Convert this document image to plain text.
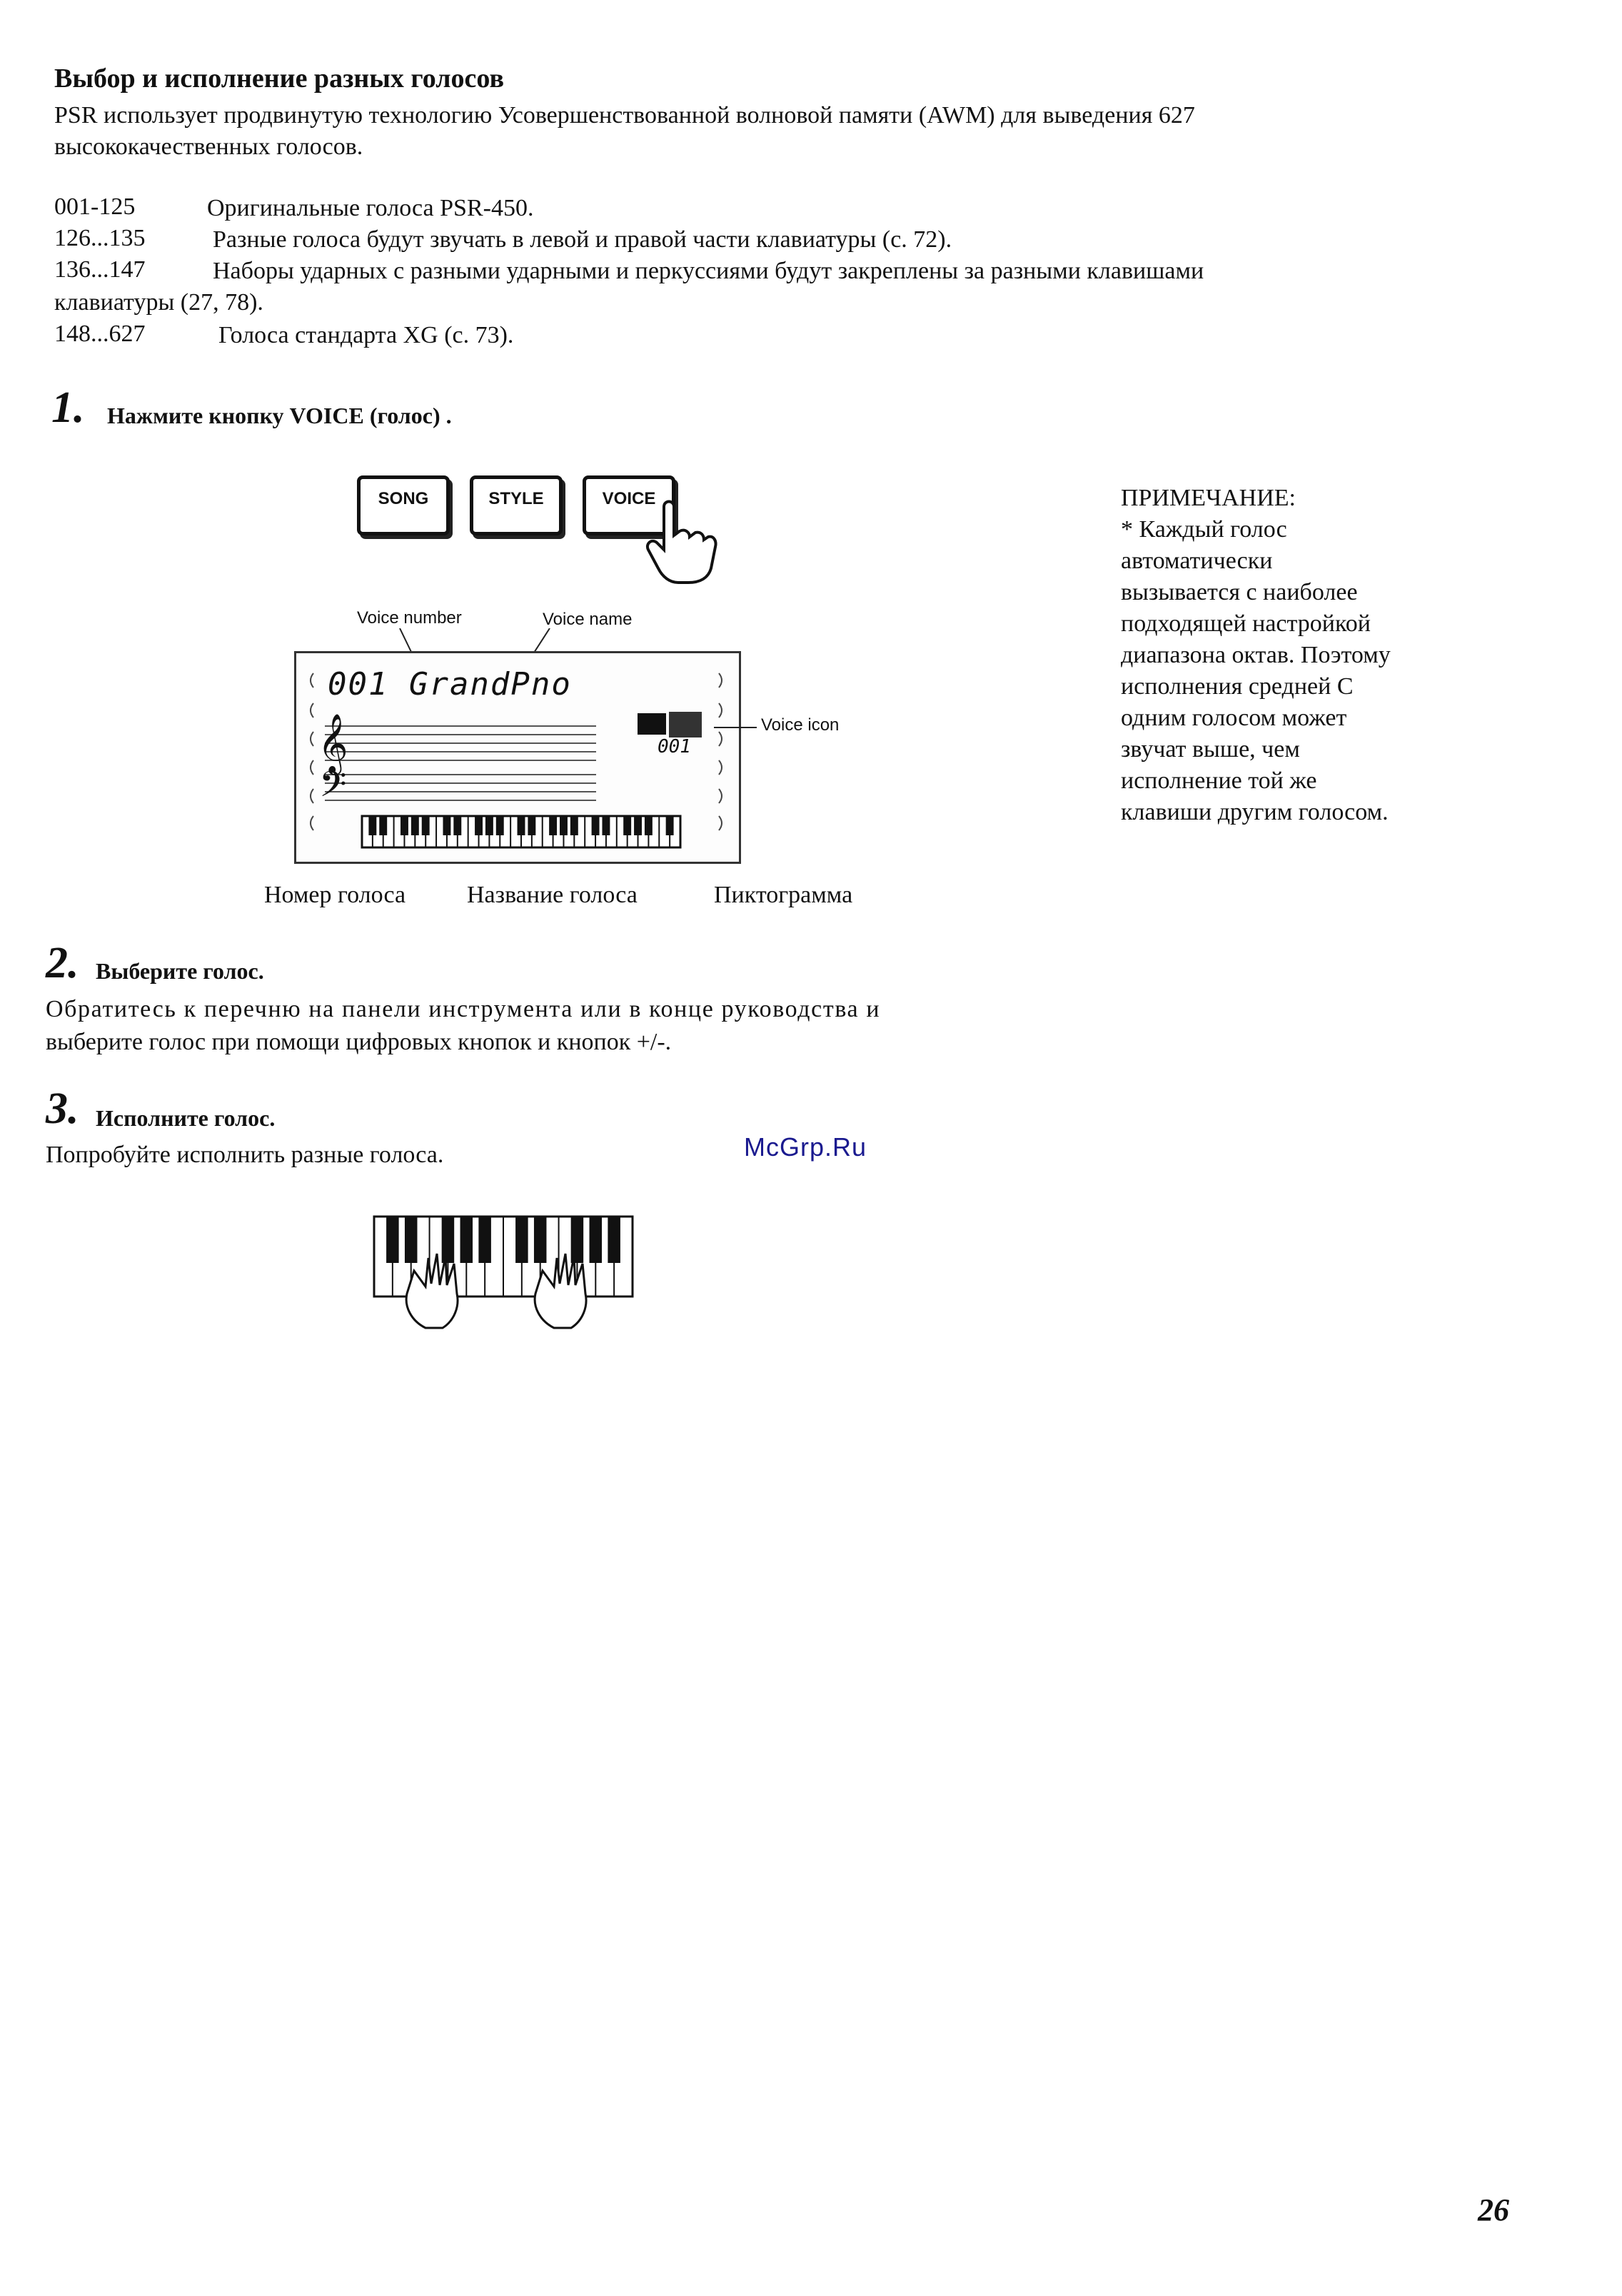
Выбор и исполнение разных голосов
PSR использует продвинутую технологию Усовершенствованной волновой памяти (AWM) для выведения 627
высококачественных голосов.
001-125	Оригинальные голоса PSR-450.
126...135	Разные голоса будут звучать в левой и правой части клавиатуры (с. 72).
136...147	Наборы ударных с разными ударными и перкуссиями будут закреплены за разными клавишами
клавиатуры (27, 78).
148...627	Голоса стандарта XG (с. 73).
1. Нажмите кнопку VOICE (голос) .
SONG	STYLE	VOICE
Voice number	Voice name
001 GrandPno
𝄞
𝄢
001
Voice icon
Номер голоса	Название голоса	Пиктограмма
ПРИМЕЧАНИЕ:
* Каждый голос
автоматически
вызывается с наиболее
подходящей настройкой
диапазона октав. Поэтому
исполнения средней С
одним голосом может
звучат выше, чем
исполнение той же
клавиши другим голосом.
2. Выберите голос.
Обратитесь к перечню на панели инструмента или в конце руководства и
выберите голос при помощи цифровых кнопок и кнопок +/-.
3. Исполните голос.
Попробуйте исполнить разные голоса.	McGrp.Ru
26
